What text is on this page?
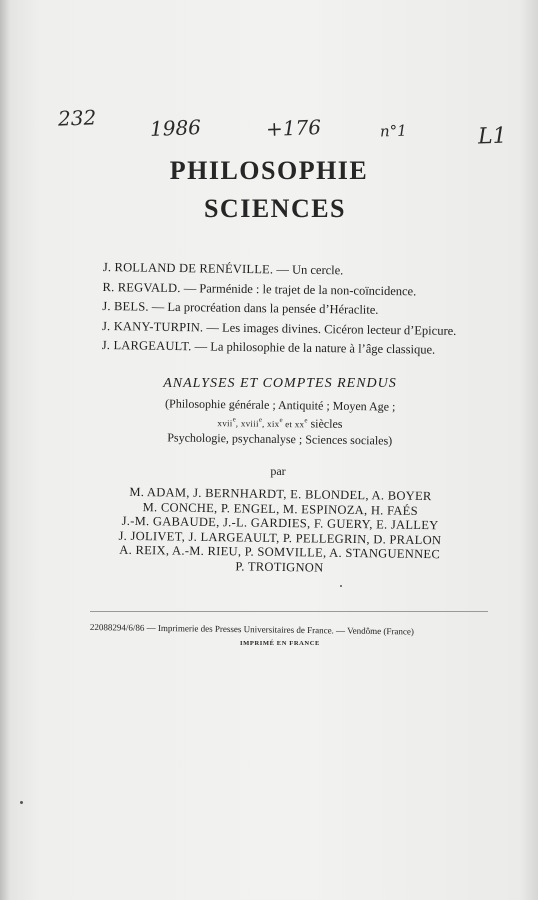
232	1986	+176	n°1	L1
PHILOSOPHIE
SCIENCES
J. ROLLAND DE RENÉVILLE. — Un cercle.
R. REGVALD. — Parménide : le trajet de la non-coïncidence.
J. BELS. — La procréation dans la pensée d’Héraclite.
J. KANY-TURPIN. — Les images divines. Cicéron lecteur d’Epicure.
J. LARGEAULT. — La philosophie de la nature à l’âge classique.
ANALYSES ET COMPTES RENDUS
(Philosophie générale ; Antiquité ; Moyen Age ;
xvii$^e$, xviii$^e$, xix$^e$ et $xx^e$ siècles
Psychologie, psychanalyse ; Sciences sociales)
par
M. ADAM, J. BERNHARDT, E. BLONDEL, A. BOYER
M. CONCHE, P. ENGEL, M. ESPINOZA, H. FAÉS
J.-M. GABAUDE, J.-L. GARDIES, F. GUERY, E. JALLEY
J. JOLIVET, J. LARGEAULT, P. PELLEGRIN, D. PRALON
A. REIX, A.-M. RIEU, P. SOMVILLE, A. STANGUENNEC
P. TROTIGNON
22088294/6/86 — Imprimerie des Presses Universitaires de France. — Vendôme (France)
IMPRIMÉ EN FRANCE
